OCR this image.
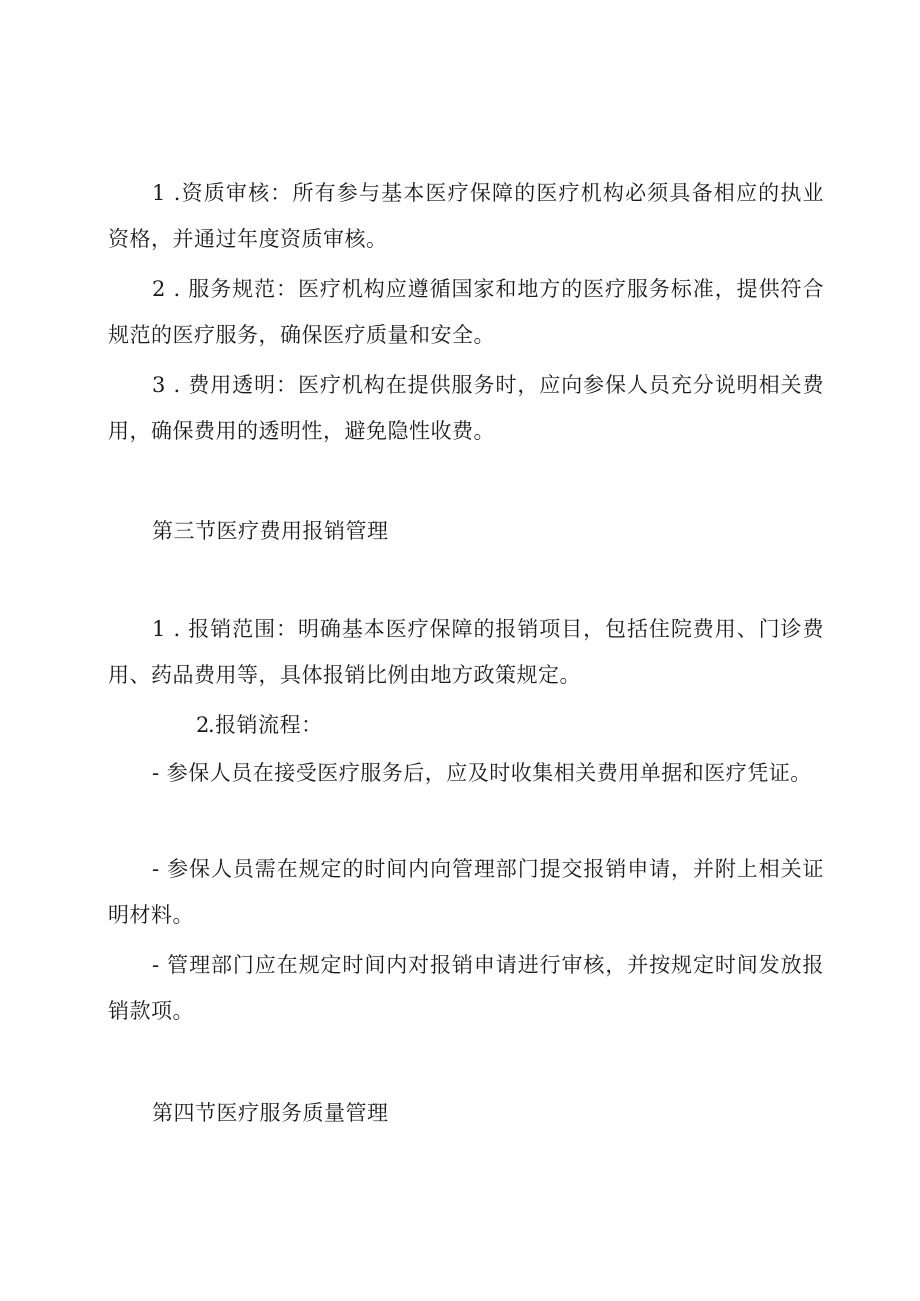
1 .资质审核：所有参与基本医疗保障的医疗机构必须具备相应的执业资格，并通过年度资质审核。

2 . 服务规范：医疗机构应遵循国家和地方的医疗服务标准，提供符合规范的医疗服务，确保医疗质量和安全。

3 . 费用透明：医疗机构在提供服务时，应向参保人员充分说明相关费用，确保费用的透明性，避免隐性收费。

第三节医疗费用报销管理

1 . 报销范围：明确基本医疗保障的报销项目，包括住院费用、门诊费用、药品费用等，具体报销比例由地方政策规定。

2.报销流程：

- 参保人员在接受医疗服务后，应及时收集相关费用单据和医疗凭证。

- 参保人员需在规定的时间内向管理部门提交报销申请，并附上相关证明材料。

- 管理部门应在规定时间内对报销申请进行审核，并按规定时间发放报销款项。

第四节医疗服务质量管理
